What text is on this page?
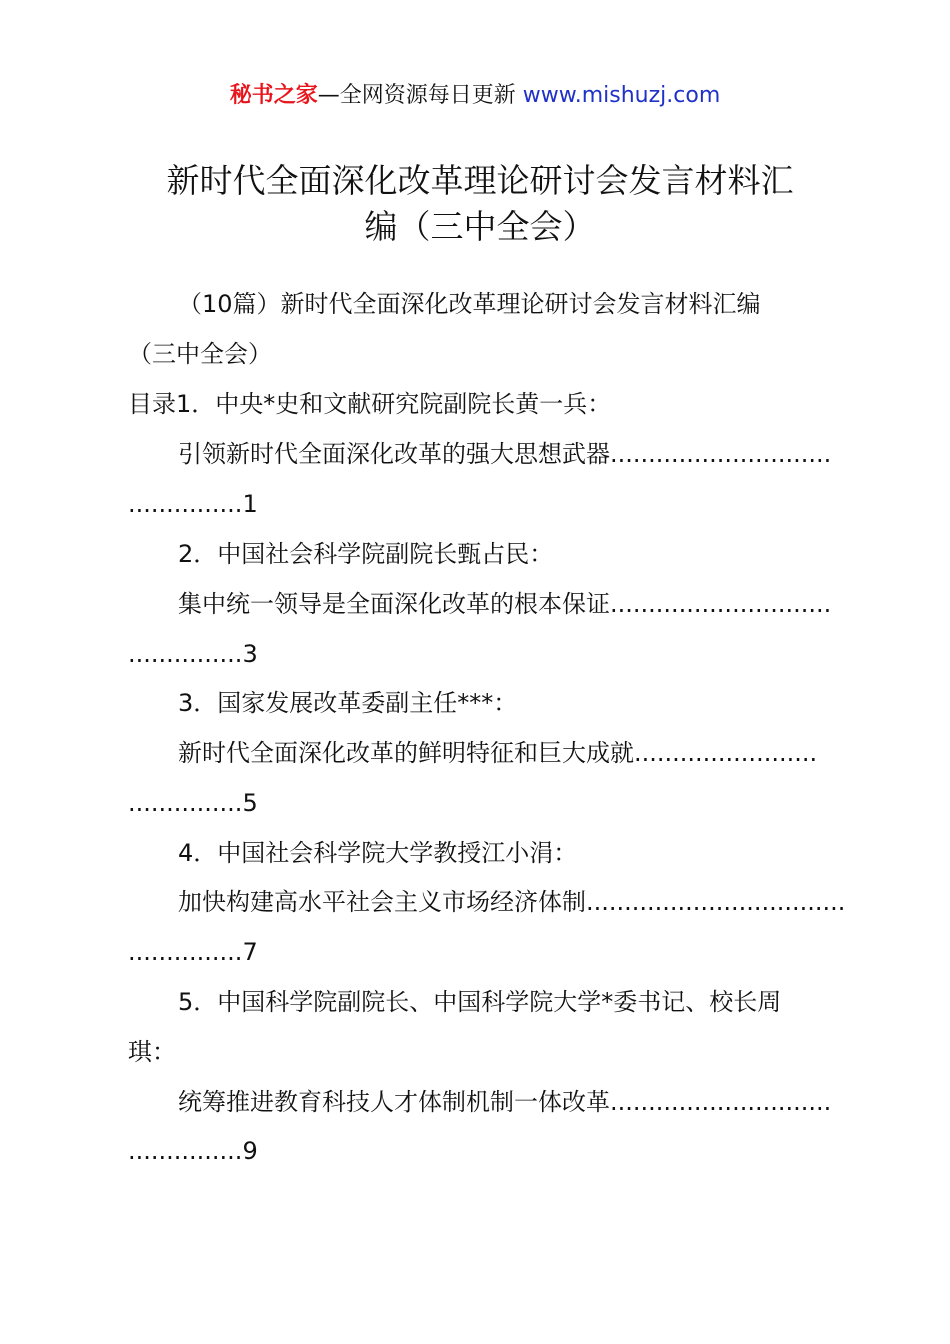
秘书之家—全网资源每日更新 www.mishuzj.com
新时代全面深化改革理论研讨会发言材料汇
编（三中全会）
（10篇）新时代全面深化改革理论研讨会发言材料汇编
（三中全会）
目录1．中央*史和文献研究院副院长黄一兵：
引领新时代全面深化改革的强大思想武器.............................
...............1
2．中国社会科学院副院长甄占民：
集中统一领导是全面深化改革的根本保证.............................
...............3
3．国家发展改革委副主任***：
新时代全面深化改革的鲜明特征和巨大成就........................
...............5
4．中国社会科学院大学教授江小涓：
加快构建高水平社会主义市场经济体制..................................
...............7
5．中国科学院副院长、中国科学院大学*委书记、校长周
琪：
统筹推进教育科技人才体制机制一体改革.............................
...............9
